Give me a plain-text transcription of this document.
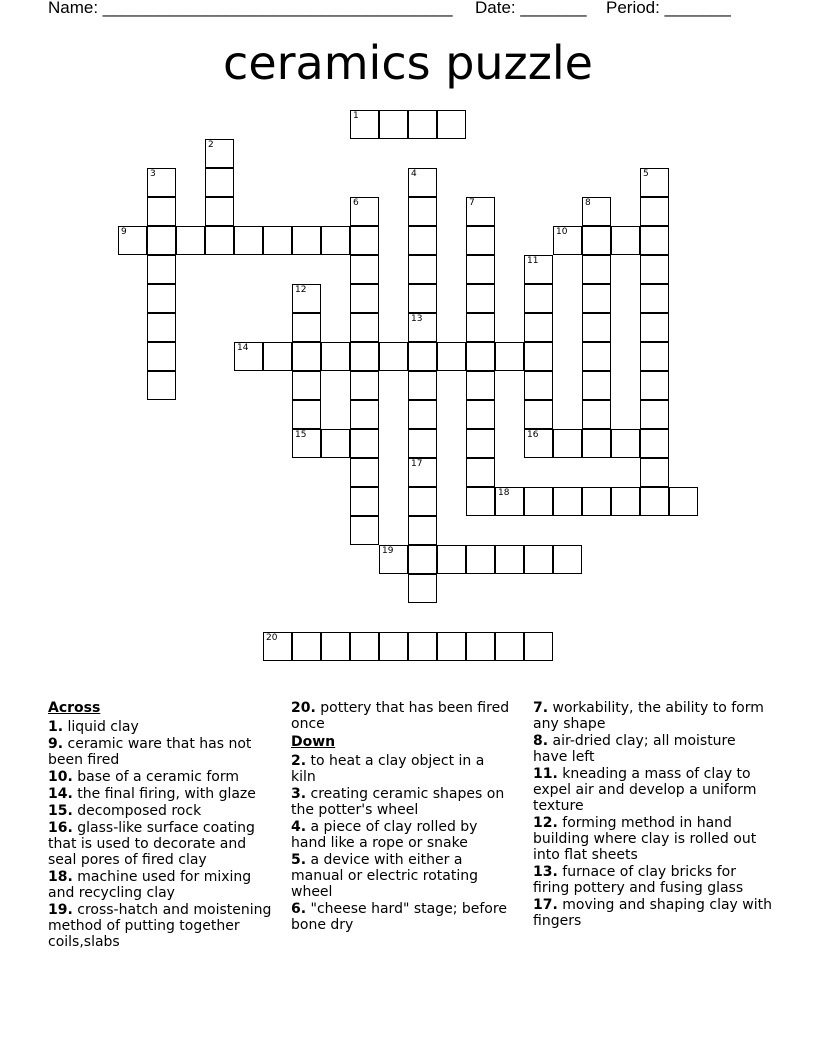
Name: _____________________________________ Date: _______ Period: _______
ceramics puzzle
1
9	10
14
15	16
18
19
20
2
3	4	5
6	7	8
11
12
13
17
Across
1. liquid clay
9. ceramic ware that has not been fired
10. base of a ceramic form
14. the final firing, with glaze
15. decomposed rock
16. glass-like surface coating that is used to decorate and seal pores of fired clay
18. machine used for mixing and recycling clay
19. cross-hatch and moistening method of putting together coils,slabs
20. pottery that has been fired once
Down
2. to heat a clay object in a kiln
3. creating ceramic shapes on the potter's wheel
4. a piece of clay rolled by hand like a rope or snake
5. a device with either a manual or electric rotating wheel
6. "cheese hard" stage; before bone dry
7. workability, the ability to form any shape
8. air-dried clay; all moisture have left
11. kneading a mass of clay to expel air and develop a uniform texture
12. forming method in hand building where clay is rolled out into flat sheets
13. furnace of clay bricks for firing pottery and fusing glass
17. moving and shaping clay with fingers
